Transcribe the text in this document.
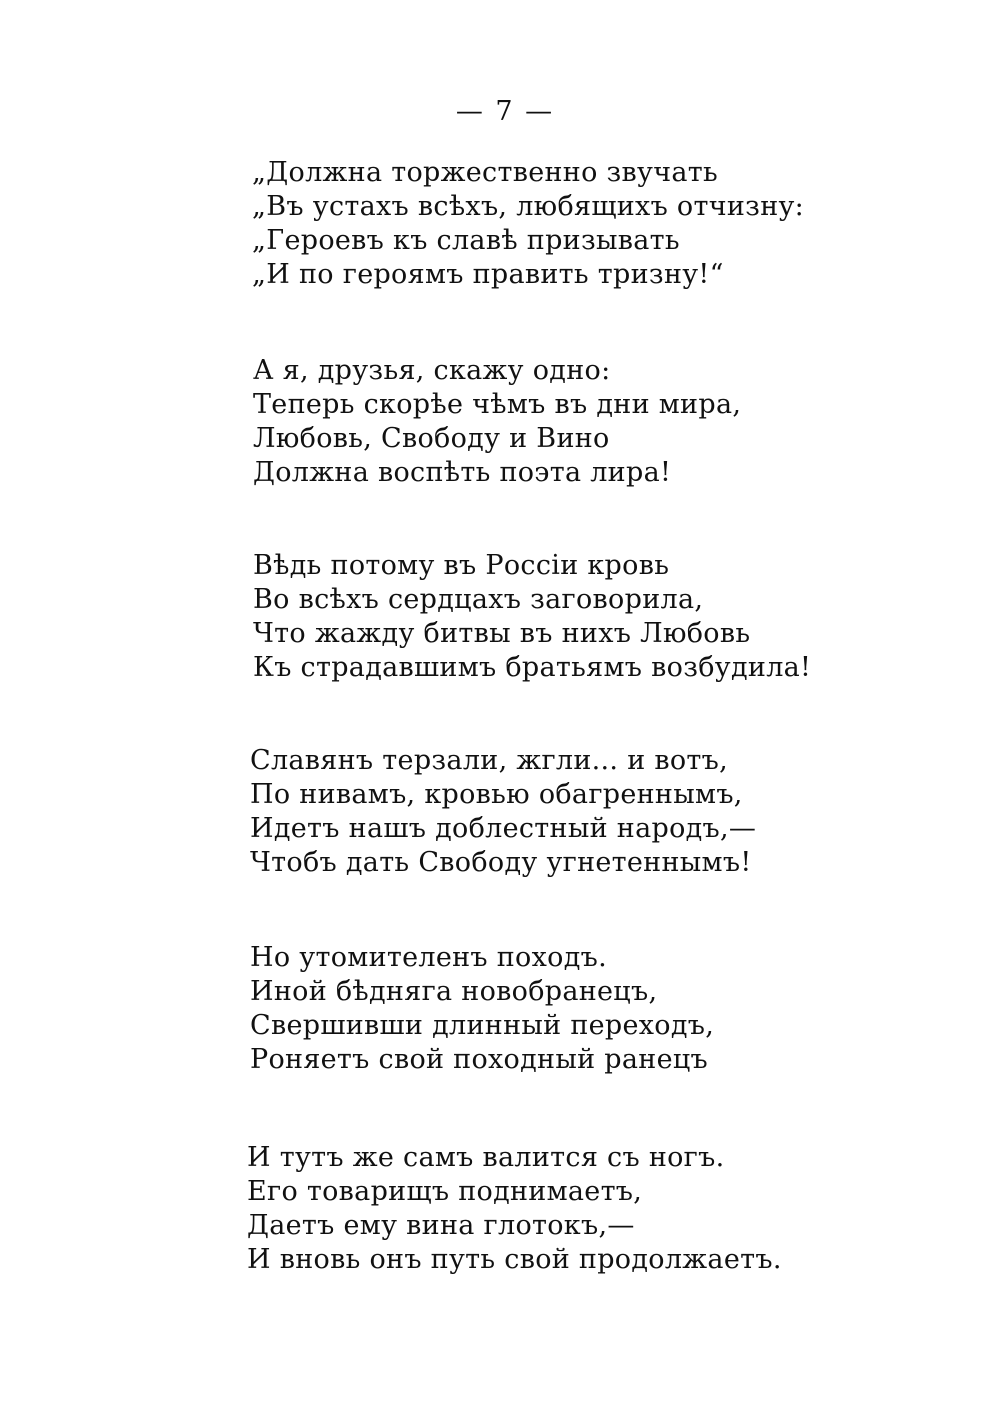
— 7 —
„Должна торжественно звучать
„Въ устахъ всѣхъ, любящихъ отчизну:
„Героевъ къ славѣ призывать
„И по героямъ править тризну!“
А я, друзья, скажу одно:
Теперь скорѣе чѣмъ въ дни мира,
Любовь, Свободу и Вино
Должна воспѣть поэта лира!
Вѣдь потому въ Россіи кровь
Во всѣхъ сердцахъ заговорила,
Что жажду битвы въ нихъ Любовь
Къ страдавшимъ братьямъ возбудила!
Славянъ терзали, жгли... и вотъ,
По нивамъ, кровью обагреннымъ,
Идетъ нашъ доблестный народъ,—
Чтобъ дать Свободу угнетеннымъ!
Но утомителенъ походъ.
Иной бѣдняга новобранецъ,
Свершивши длинный переходъ,
Роняетъ свой походный ранецъ
И тутъ же самъ валится съ ногъ.
Его товарищъ поднимаетъ,
Даетъ ему вина глотокъ,—
И вновь онъ путь свой продолжаетъ.
